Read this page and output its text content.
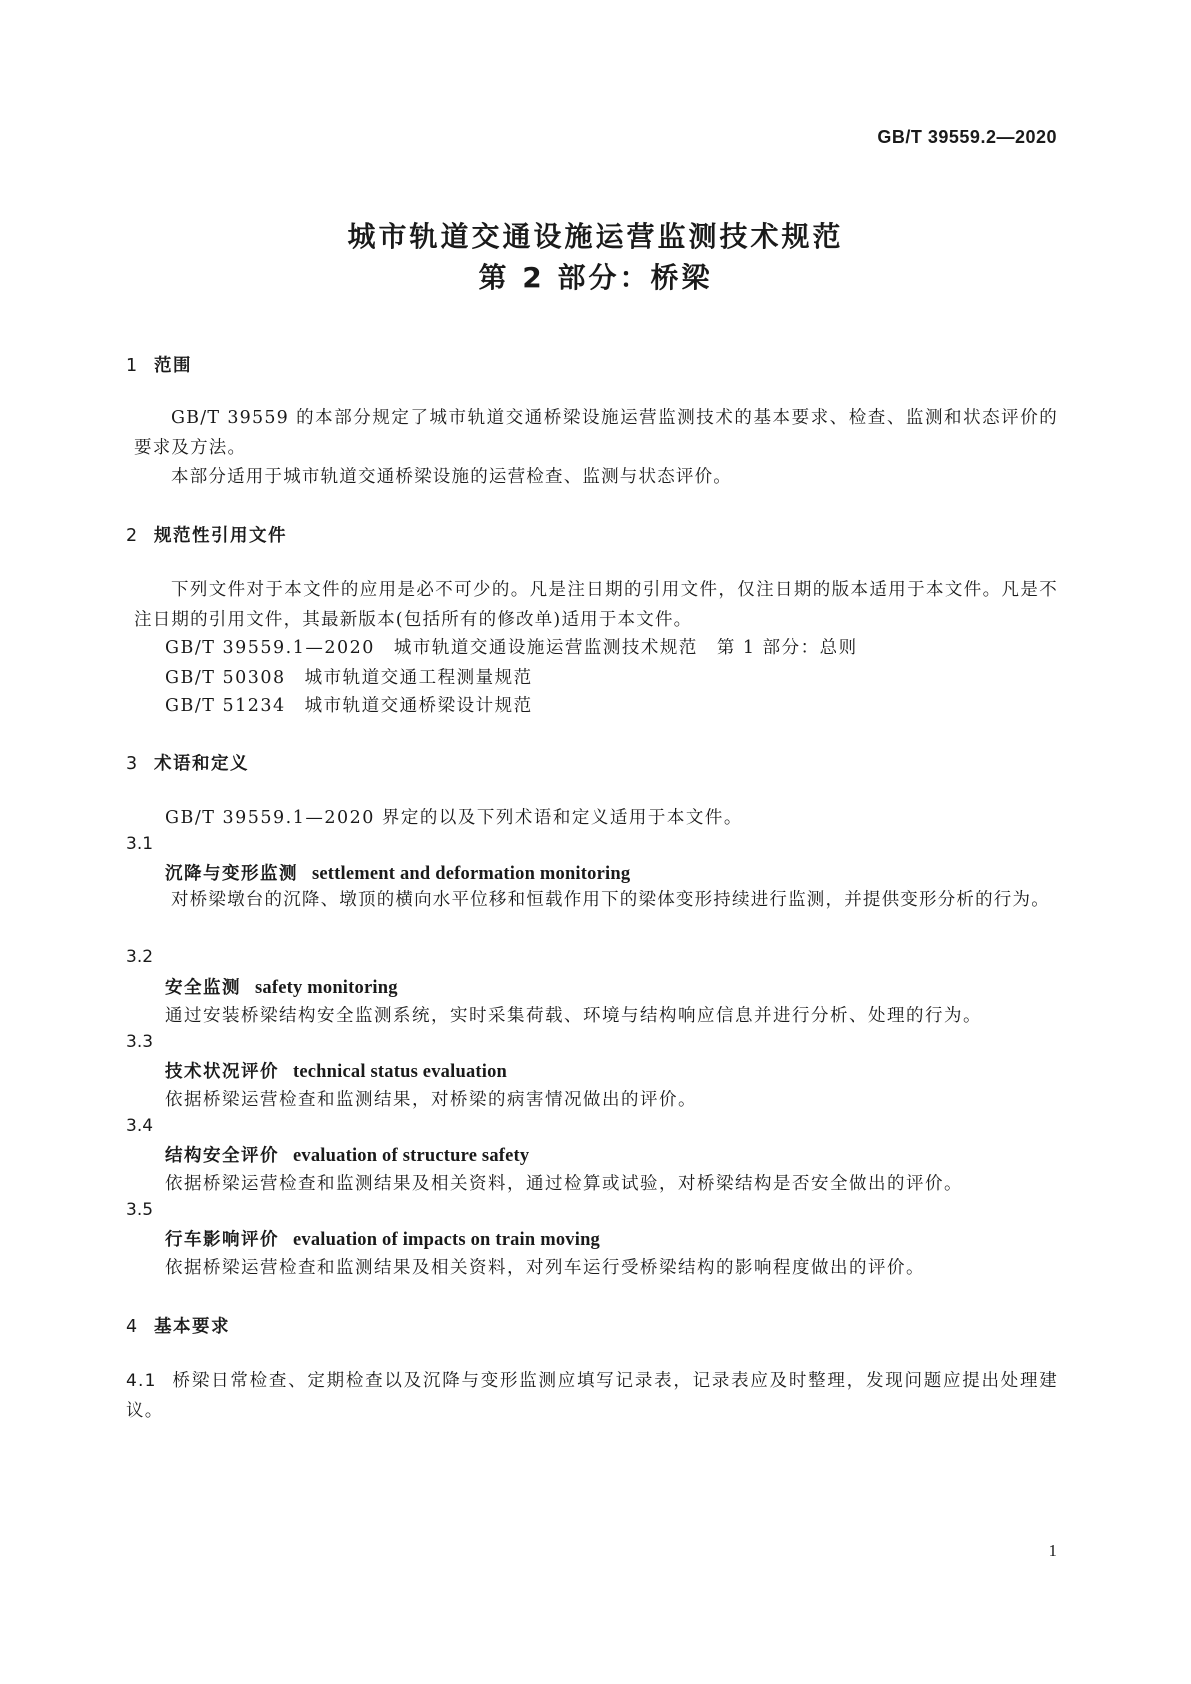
GB/T 39559.2—2020
城市轨道交通设施运营监测技术规范
第 2 部分：桥梁
1 范围
GB/T 39559 的本部分规定了城市轨道交通桥梁设施运营监测技术的基本要求、检查、监测和状态评价的要求及方法。
本部分适用于城市轨道交通桥梁设施的运营检查、监测与状态评价。
2 规范性引用文件
下列文件对于本文件的应用是必不可少的。凡是注日期的引用文件，仅注日期的版本适用于本文件。凡是不注日期的引用文件，其最新版本(包括所有的修改单)适用于本文件。
GB/T 39559.1—2020　 城市轨道交通设施运营监测技术规范　第 1 部分：总则
GB/T 50308　 城市轨道交通工程测量规范
GB/T 51234　 城市轨道交通桥梁设计规范
3 术语和定义
GB/T 39559.1—2020 界定的以及下列术语和定义适用于本文件。
3.1
沉降与变形监测 settlement and deformation monitoring
对桥梁墩台的沉降、墩顶的横向水平位移和恒载作用下的梁体变形持续进行监测，并提供变形分析的行为。
3.2
安全监测 safety monitoring
通过安装桥梁结构安全监测系统，实时采集荷载、环境与结构响应信息并进行分析、处理的行为。
3.3
技术状况评价 technical status evaluation
依据桥梁运营检查和监测结果，对桥梁的病害情况做出的评价。
3.4
结构安全评价 evaluation of structure safety
依据桥梁运营检查和监测结果及相关资料，通过检算或试验，对桥梁结构是否安全做出的评价。
3.5
行车影响评价 evaluation of impacts on train moving
依据桥梁运营检查和监测结果及相关资料，对列车运行受桥梁结构的影响程度做出的评价。
4 基本要求
4.1 桥梁日常检查、定期检查以及沉降与变形监测应填写记录表，记录表应及时整理，发现问题应提出处理建议。
1
